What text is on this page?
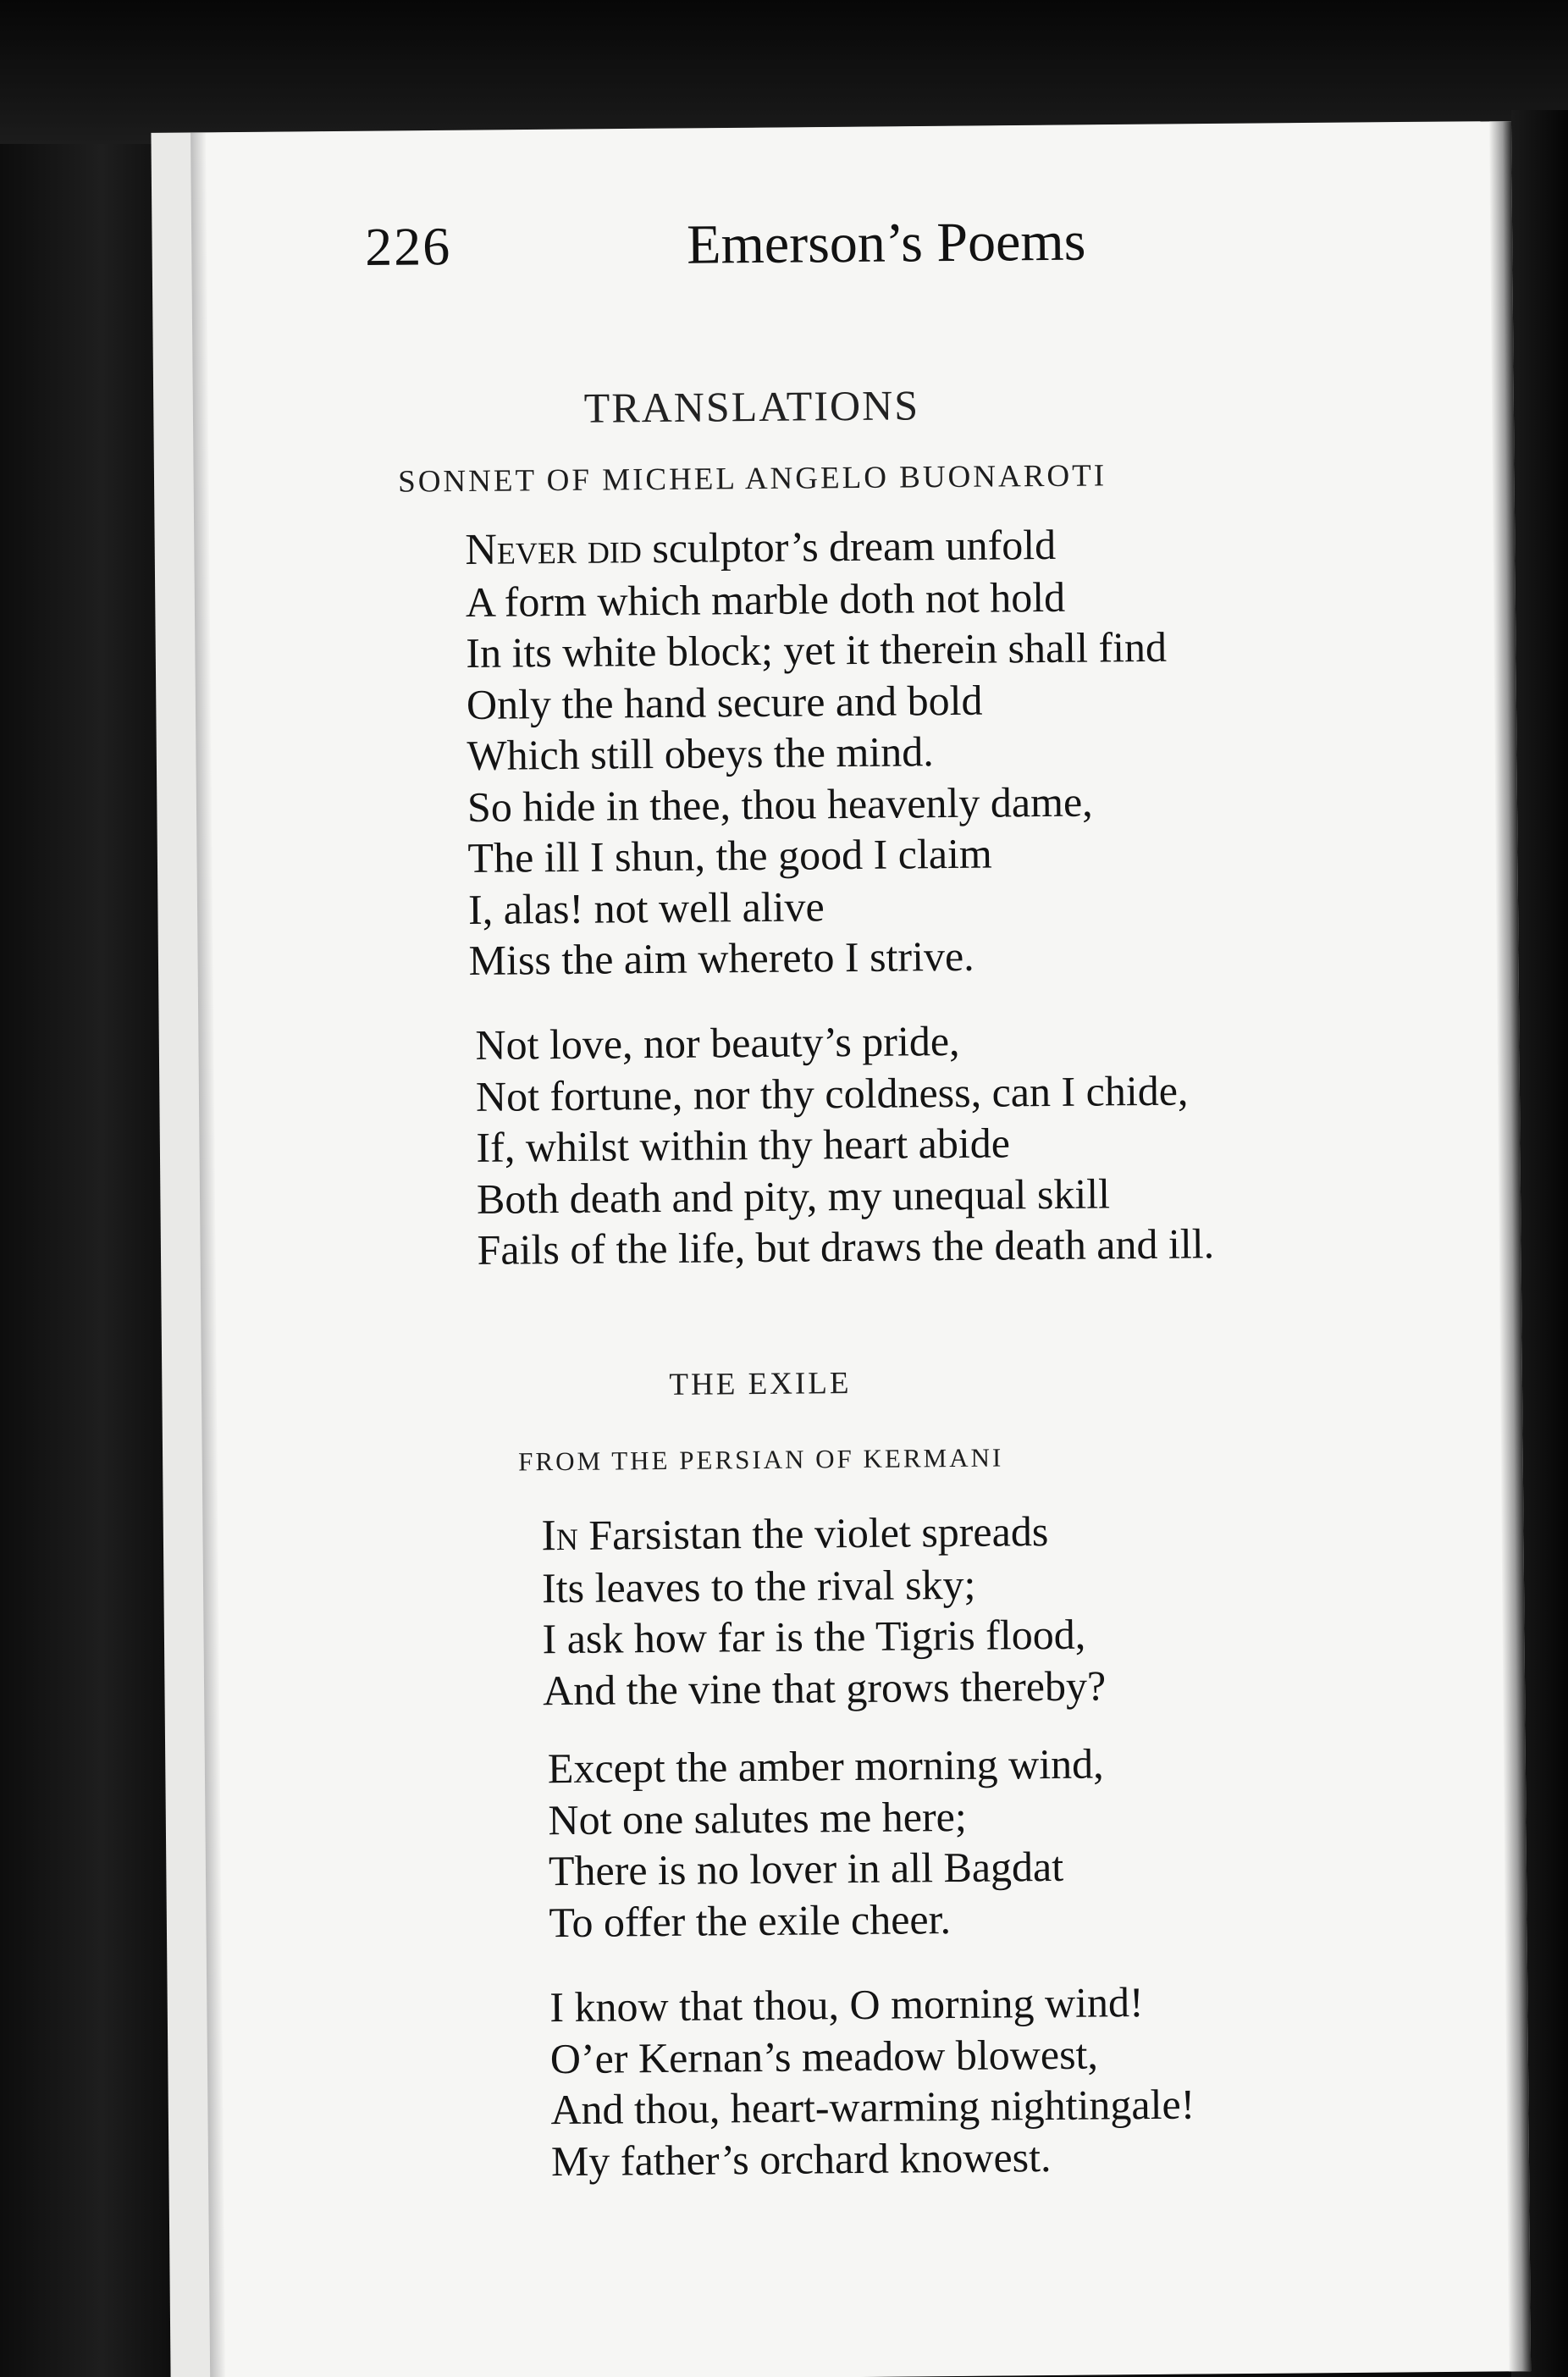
226	Emerson’s Poems
TRANSLATIONS
SONNET OF MICHEL ANGELO BUONAROTI
Never did sculptor’s dream unfold
A form which marble doth not hold
In its white block; yet it therein shall find
Only the hand secure and bold
Which still obeys the mind.
So hide in thee, thou heavenly dame,
The ill I shun, the good I claim
I, alas! not well alive
Miss the aim whereto I strive.
Not love, nor beauty’s pride,
Not fortune, nor thy coldness, can I chide,
If, whilst within thy heart abide
Both death and pity, my unequal skill
Fails of the life, but draws the death and ill.
THE EXILE
FROM THE PERSIAN OF KERMANI
In Farsistan the violet spreads
Its leaves to the rival sky;
I ask how far is the Tigris flood,
And the vine that grows thereby?
Except the amber morning wind,
Not one salutes me here;
There is no lover in all Bagdat
To offer the exile cheer.
I know that thou, O morning wind!
O’er Kernan’s meadow blowest,
And thou, heart-warming nightingale!
My father’s orchard knowest.
